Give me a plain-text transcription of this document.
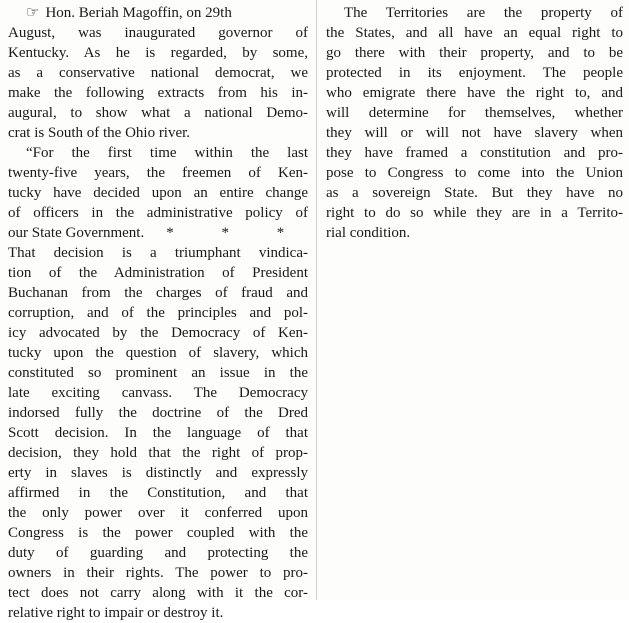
☞ Hon. Beriah Magoffin, on 29th
August, was inaugurated governor of
Kentucky. As he is regarded, by some,
as a conservative national democrat, we
make the following extracts from his in-
augural, to show what a national Demo-
crat is South of the Ohio river.
“For the first time within the last
twenty-five years, the freemen of Ken-
tucky have decided upon an entire change
of officers in the administrative policy of
our State Government. * * *
That decision is a triumphant vindica-
tion of the Administration of President
Buchanan from the charges of fraud and
corruption, and of the principles and pol-
icy advocated by the Democracy of Ken-
tucky upon the question of slavery, which
constituted so prominent an issue in the
late exciting canvass. The Democracy
indorsed fully the doctrine of the Dred
Scott decision. In the language of that
decision, they hold that the right of prop-
erty in slaves is distinctly and expressly
affirmed in the Constitution, and that
the only power over it conferred upon
Congress is the power coupled with the
duty of guarding and protecting the
owners in their rights. The power to pro-
tect does not carry along with it the cor-
relative right to impair or destroy it.
The Territories are the property of
the States, and all have an equal right to
go there with their property, and to be
protected in its enjoyment. The people
who emigrate there have the right to, and
will determine for themselves, whether
they will or will not have slavery when
they have framed a constitution and pro-
pose to Congress to come into the Union
as a sovereign State. But they have no
right to do so while they are in a Territo-
rial condition.
